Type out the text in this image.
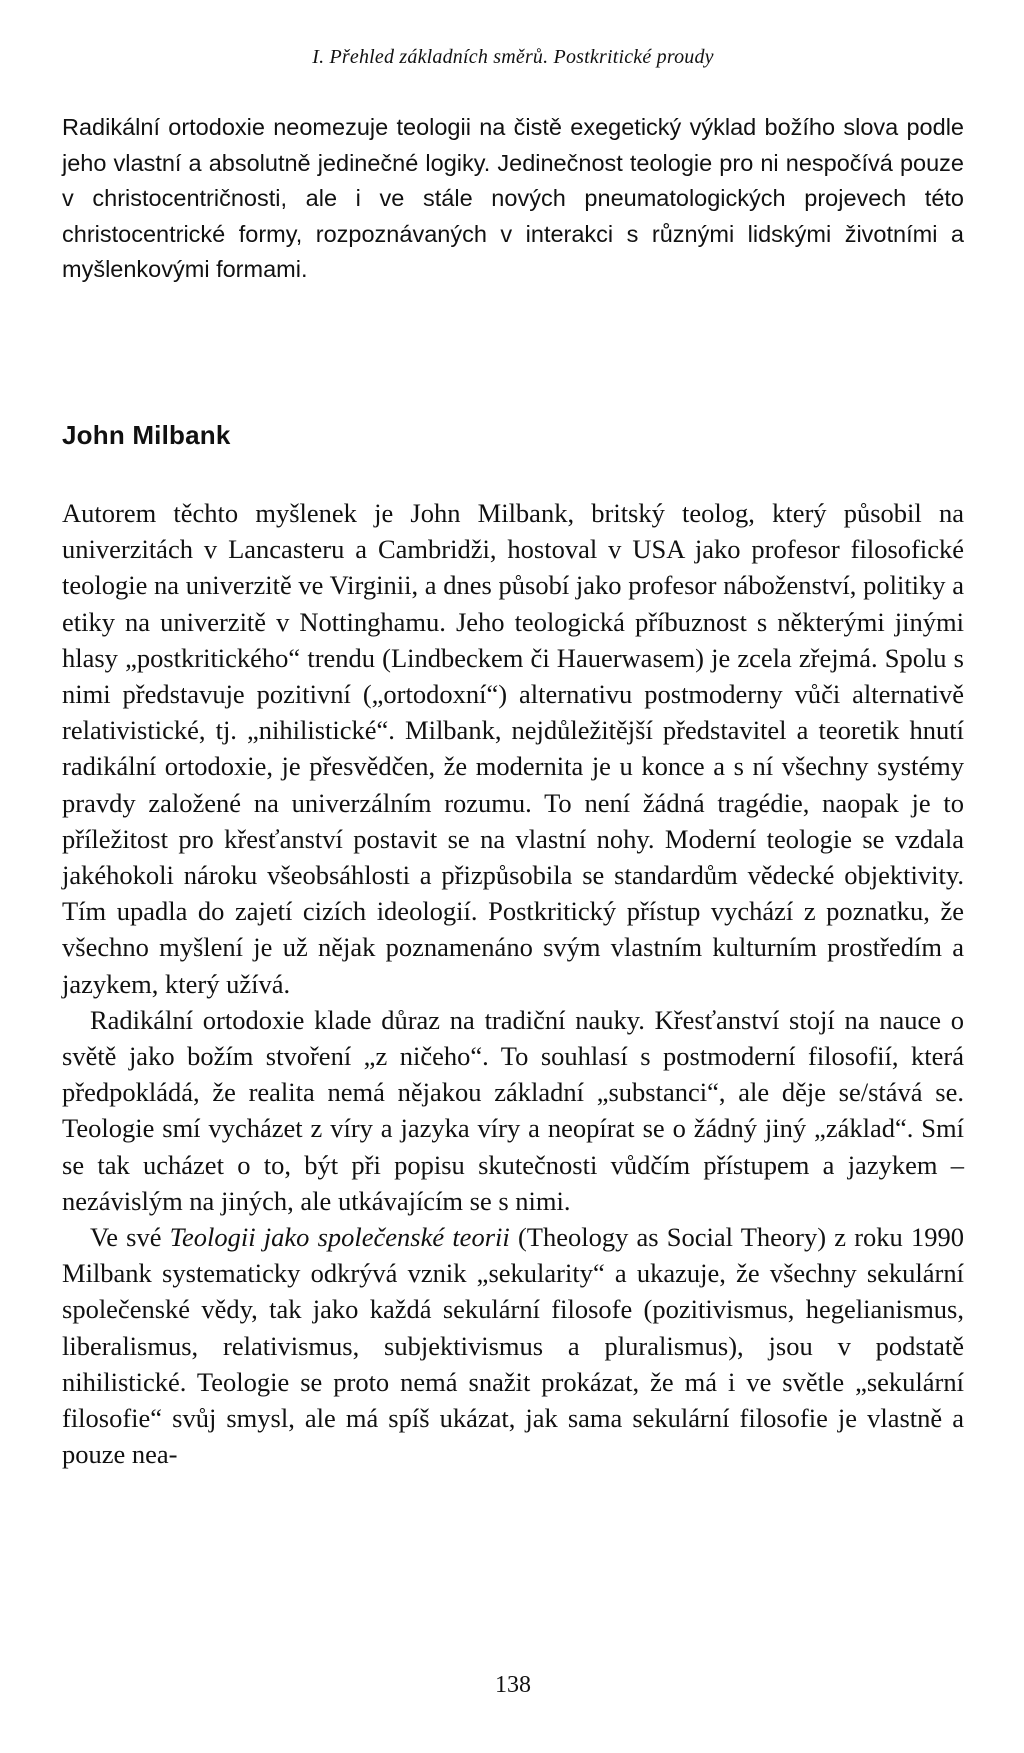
I. Přehled základních směrů. Postkritické proudy
Radikální ortodoxie neomezuje teologii na čistě exegetický výklad božího slova podle jeho vlastní a absolutně jedinečné logiky. Jedinečnost teologie pro ni nespočívá pouze v christocentričnosti, ale i ve stále nových pneumatologických projevech této christocentrické formy, rozpoznávaných v interakci s různými lidskými životními a myšlenkovými formami.
John Milbank

Autorem těchto myšlenek je John Milbank, britský teolog, který působil na univerzitách v Lancasteru a Cambridži, hostoval v USA jako profesor filosofické teologie na univerzitě ve Virginii, a dnes působí jako profesor náboženství, politiky a etiky na univerzitě v Nottinghamu. Jeho teologická příbuznost s některými jinými hlasy „postkritického“ trendu (Lindbeckem či Hauerwasem) je zcela zřejmá. Spolu s nimi představuje pozitivní („ortodoxní“) alternativu postmoderny vůči alternativě relativistické, tj. „nihilistické“. Milbank, nejdůležitější představitel a teoretik hnutí radikální ortodoxie, je přesvědčen, že modernita je u konce a s ní všechny systémy pravdy založené na univerzálním rozumu. To není žádná tragédie, naopak je to příležitost pro křesťanství postavit se na vlastní nohy. Moderní teologie se vzdala jakéhokoli nároku všeobsáhlosti a přizpůsobila se standardům vědecké objektivity. Tím upadla do zajetí cizích ideologií. Postkritický přístup vychází z poznatku, že všechno myšlení je už nějak poznamenáno svým vlastním kulturním prostředím a jazykem, který užívá.

Radikální ortodoxie klade důraz na tradiční nauky. Křesťanství stojí na nauce o světě jako božím stvoření „z ničeho“. To souhlasí s postmoderní filosofií, která předpokládá, že realita nemá nějakou základní „substanci“, ale děje se/stává se. Teologie smí vycházet z víry a jazyka víry a neopírat se o žádný jiný „základ“. Smí se tak ucházet o to, být při popisu skutečnosti vůdčím přístupem a jazykem – nezávislým na jiných, ale utkávajícím se s nimi.

Ve své Teologii jako společenské teorii (Theology as Social Theory) z roku 1990 Milbank systematicky odkrývá vznik „sekularity“ a ukazuje, že všechny sekulární společenské vědy, tak jako každá sekulární filosofe (pozitivismus, hegelianismus, liberalismus, relativismus, subjektivismus a pluralismus), jsou v podstatě nihilistické. Teologie se proto nemá snažit prokázat, že má i ve světle „sekulární filosofie“ svůj smysl, ale má spíš ukázat, jak sama sekulární filosofie je vlastně a pouze nea-

138
